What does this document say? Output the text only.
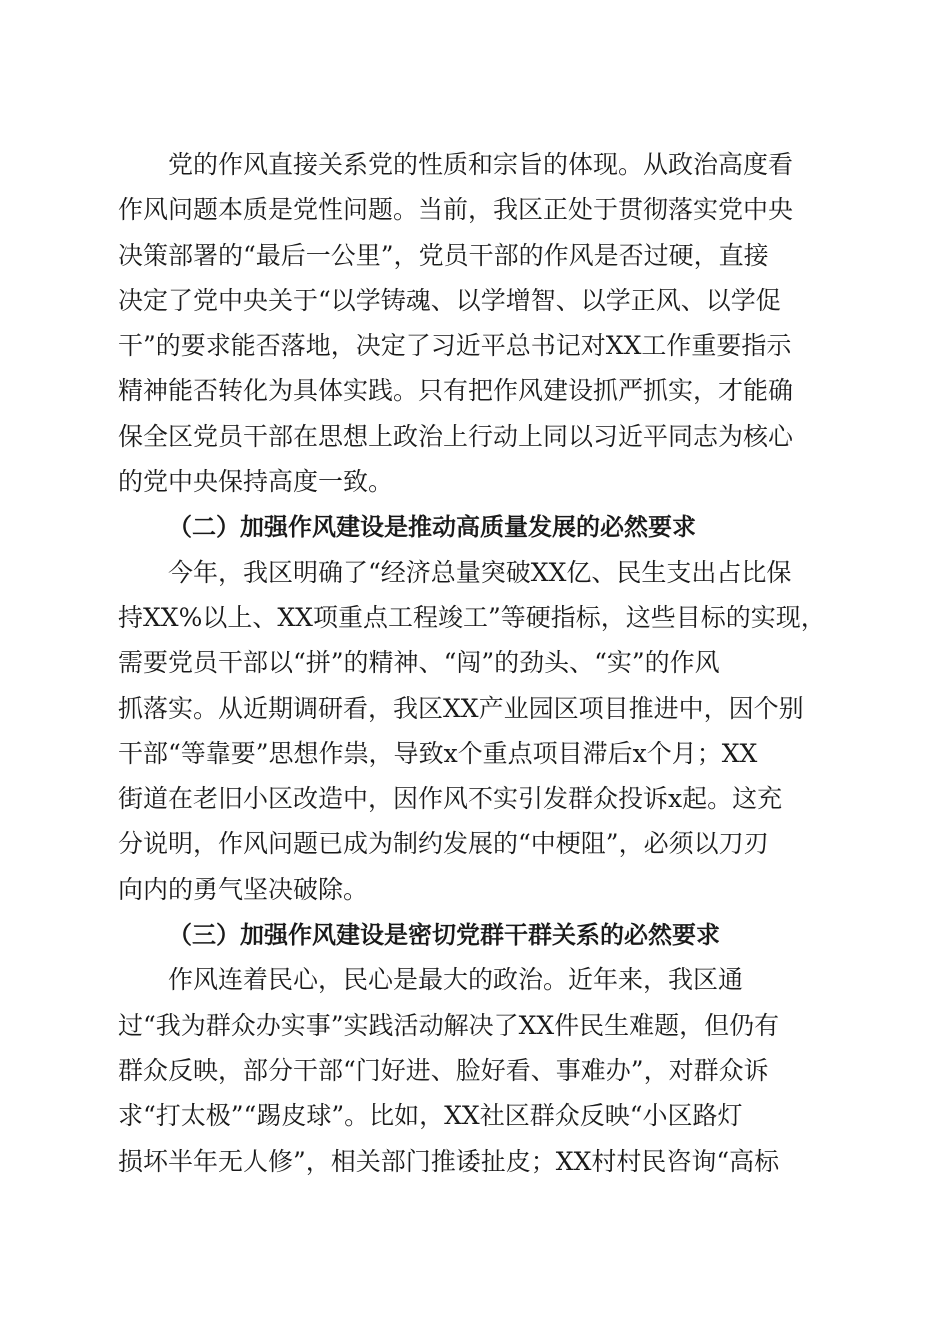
党的作风直接关系党的性质和宗旨的体现。从政治高度看
作风问题本质是党性问题。当前，我区正处于贯彻落实党中央
决策部署的“最后一公里”，党员干部的作风是否过硬，直接
决定了党中央关于“以学铸魂、以学增智、以学正风、以学促
干”的要求能否落地，决定了习近平总书记对XX工作重要指示
精神能否转化为具体实践。只有把作风建设抓严抓实，才能确
保全区党员干部在思想上政治上行动上同以习近平同志为核心
的党中央保持高度一致。
（二）加强作风建设是推动高质量发展的必然要求
今年，我区明确了“经济总量突破XX亿、民生支出占比保
持XX%以上、XX项重点工程竣工”等硬指标，这些目标的实现，
需要党员干部以“拼”的精神、“闯”的劲头、“实”的作风
抓落实。从近期调研看，我区XX产业园区项目推进中，因个别
干部“等靠要”思想作祟，导致x个重点项目滞后x个月；XX
街道在老旧小区改造中，因作风不实引发群众投诉x起。这充
分说明，作风问题已成为制约发展的“中梗阻”，必须以刀刃
向内的勇气坚决破除。
（三）加强作风建设是密切党群干群关系的必然要求
作风连着民心，民心是最大的政治。近年来，我区通
过“我为群众办实事”实践活动解决了XX件民生难题，但仍有
群众反映，部分干部“门好进、脸好看、事难办”，对群众诉
求“打太极”“踢皮球”。比如，XX社区群众反映“小区路灯
损坏半年无人修”，相关部门推诿扯皮；XX村村民咨询“高标
